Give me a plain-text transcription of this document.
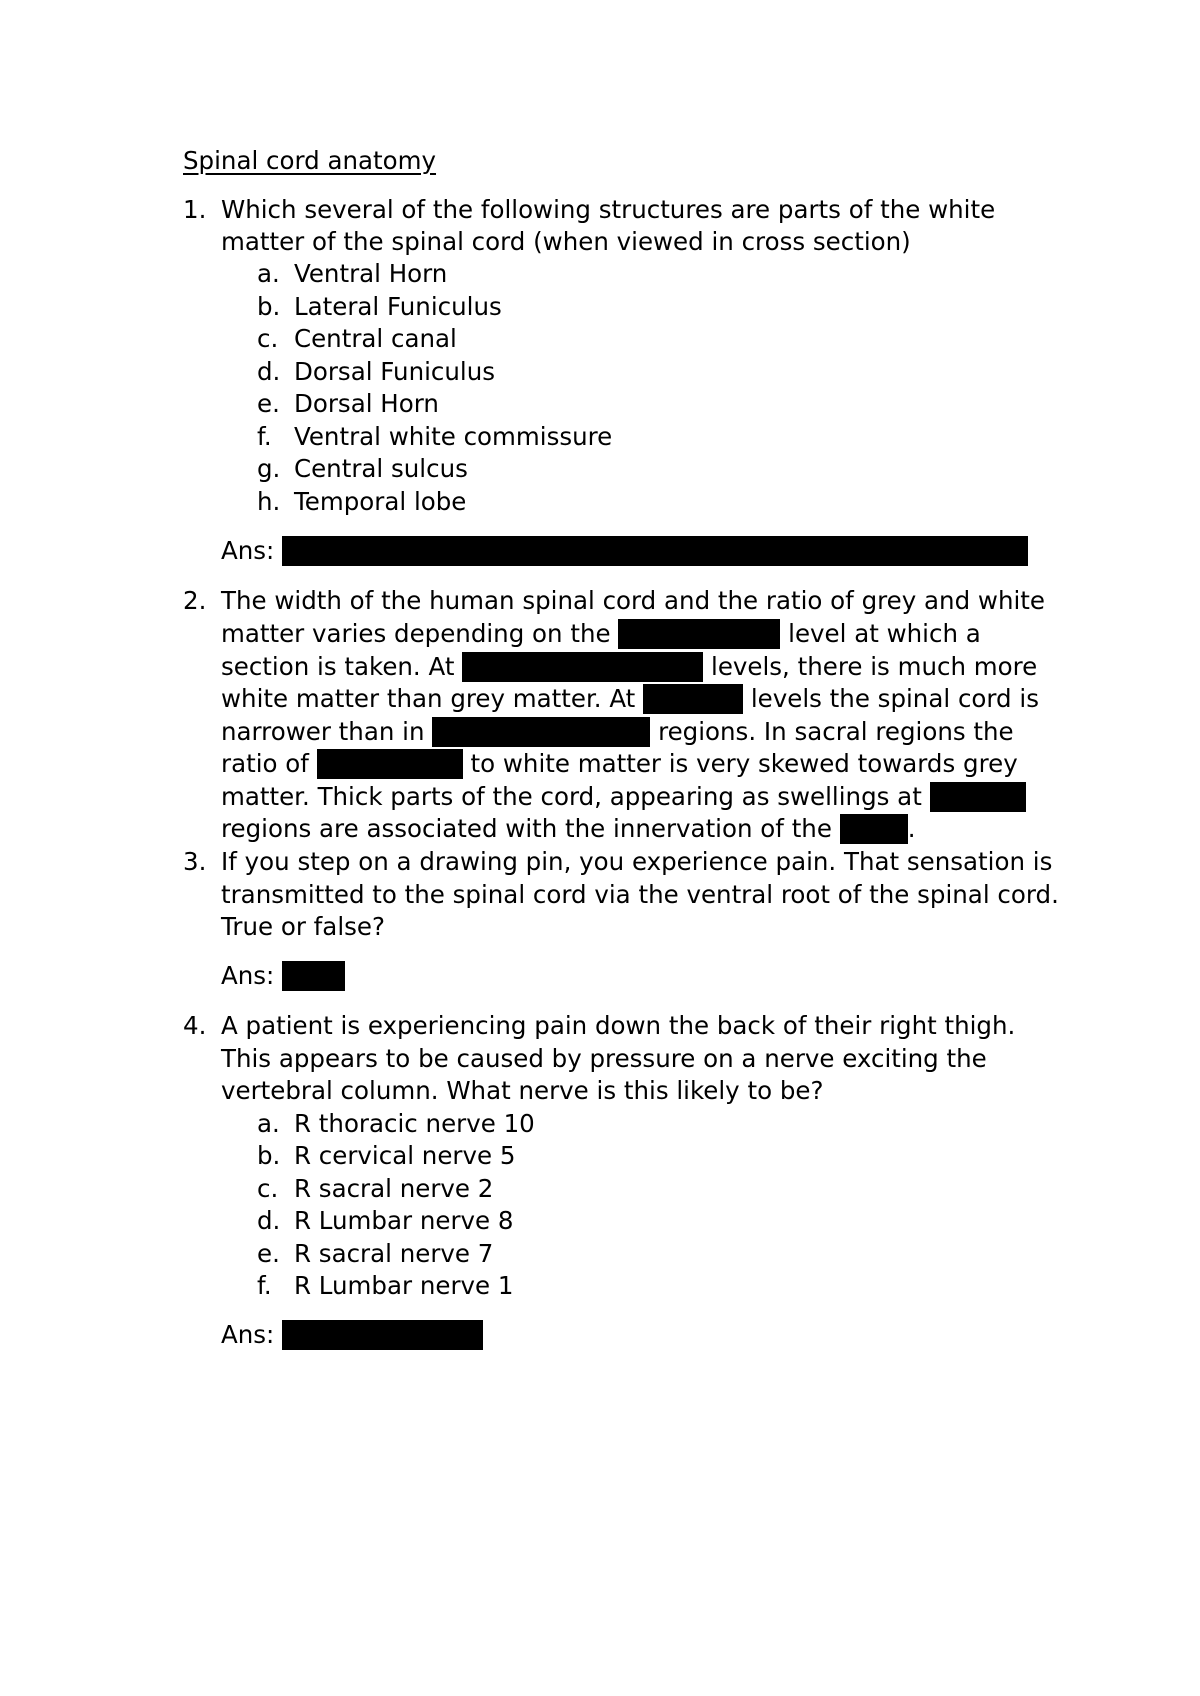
Spinal cord anatomy
1. Which several of the following structures are parts of the white
matter of the spinal cord (when viewed in cross section)
a. Ventral Horn
b. Lateral Funiculus
c. Central canal
d. Dorsal Funiculus
e. Dorsal Horn
f. Ventral white commissure
g. Central sulcus
h. Temporal lobe
Ans:
2. The width of the human spinal cord and the ratio of grey and white
matter varies depending on the	level at which a
section is taken. At	levels, there is much more
white matter than grey matter. At	levels the spinal cord is
narrower than in	regions. In sacral regions the
ratio of	to white matter is very skewed towards grey
matter. Thick parts of the cord, appearing as swellings at
regions are associated with the innervation of the	.
3. If you step on a drawing pin, you experience pain. That sensation is
transmitted to the spinal cord via the ventral root of the spinal cord.
True or false?
Ans:
4. A patient is experiencing pain down the back of their right thigh.
This appears to be caused by pressure on a nerve exciting the
vertebral column. What nerve is this likely to be?
a. R thoracic nerve 10
b. R cervical nerve 5
c. R sacral nerve 2
d. R Lumbar nerve 8
e. R sacral nerve 7
f. R Lumbar nerve 1
Ans:
